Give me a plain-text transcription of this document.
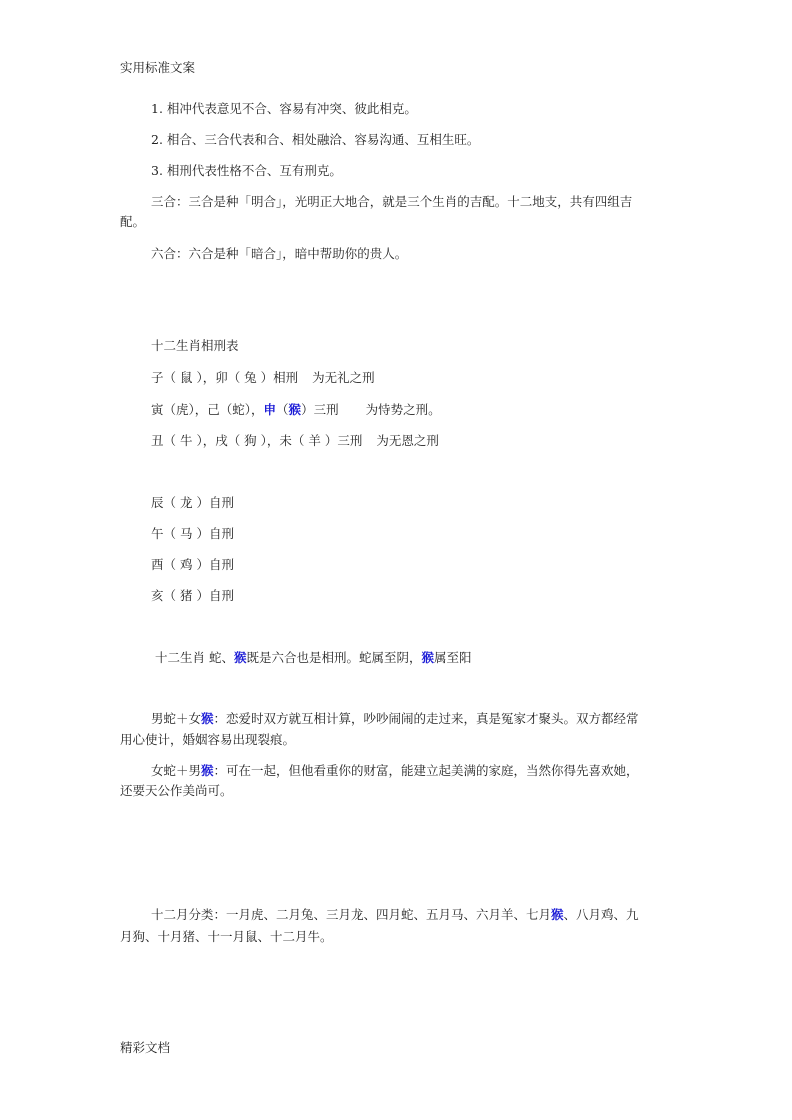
实用标准文案
1. 相冲代表意见不合、容易有冲突、彼此相克。
2. 相合、三合代表和合、相处融洽、容易沟通、互相生旺。
3. 相刑代表性格不合、互有刑克。
三合：三合是种「明合」，光明正大地合，就是三个生肖的吉配。十二地支，共有四组吉
配。
六合：六合是种「暗合」，暗中帮助你的贵人。
十二生肖相刑表
子（ 鼠 ），卯（ 兔 ）相刑 为无礼之刑
寅（虎），己（蛇），申（猴）三刑 为恃势之刑。
丑（ 牛 ），戌（ 狗 ），未（ 羊 ）三刑 为无恩之刑
辰（ 龙 ）自刑
午（ 马 ）自刑
酉（ 鸡 ）自刑
亥（ 猪 ）自刑
十二生肖 蛇、猴既是六合也是相刑。蛇属至阴，猴属至阳
男蛇＋女猴：恋爱时双方就互相计算，吵吵闹闹的走过来，真是冤家才聚头。双方都经常
用心使计，婚姻容易出现裂痕。
女蛇＋男猴：可在一起，但他看重你的财富，能建立起美满的家庭，当然你得先喜欢她，
还要天公作美尚可。
十二月分类：一月虎、二月兔、三月龙、四月蛇、五月马、六月羊、七月猴、八月鸡、九
月狗、十月猪、十一月鼠、十二月牛。
精彩文档
